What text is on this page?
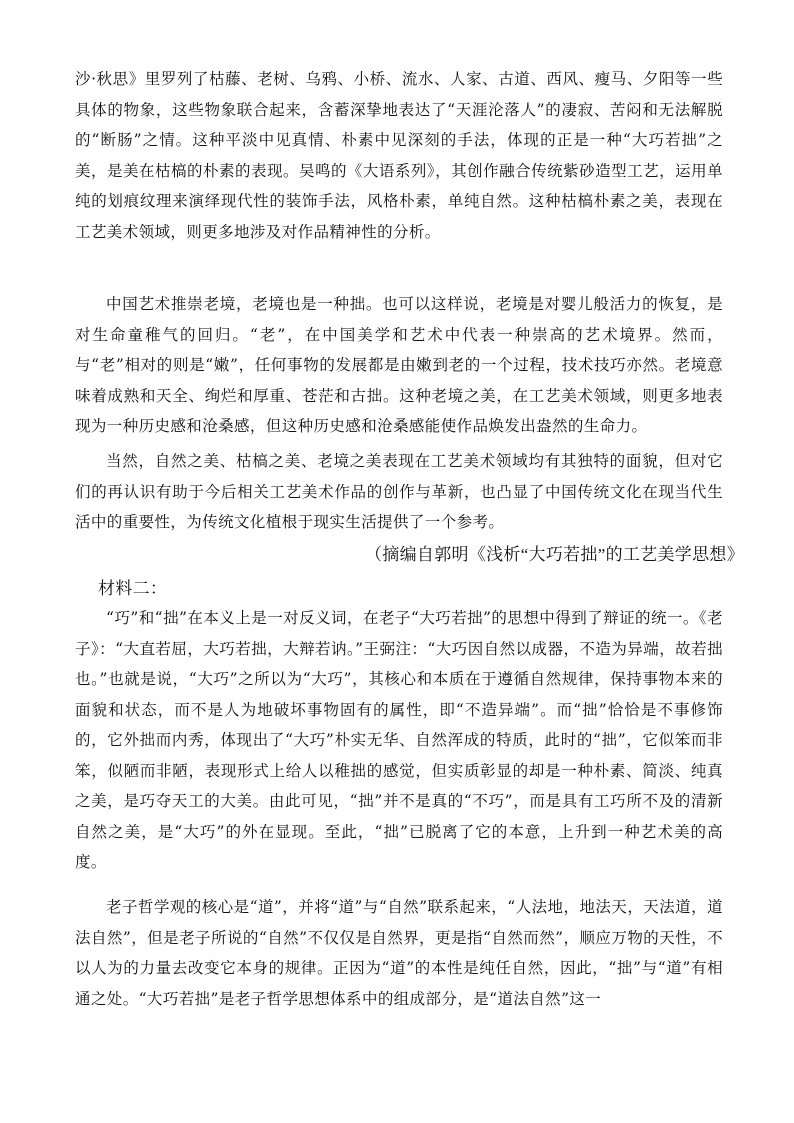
沙·秋思》里罗列了枯藤、老树、乌鸦、小桥、流水、人家、古道、西风、瘦马、夕阳等一些具体的物象，这些物象联合起来，含蓄深挚地表达了“天涯沦落人”的凄寂、苦闷和无法解脱的“断肠”之情。这种平淡中见真情、朴素中见深刻的手法，体现的正是一种“大巧若拙”之美，是美在枯槁的朴素的表现。吴鸣的《大语系列》，其创作融合传统紫砂造型工艺，运用单纯的划痕纹理来演绎现代性的装饰手法，风格朴素，单纯自然。这种枯槁朴素之美，表现在工艺美术领域，则更多地涉及对作品精神性的分析。

中国艺术推崇老境，老境也是一种拙。也可以这样说，老境是对婴儿般活力的恢复，是对生命童稚气的回归。“老”，在中国美学和艺术中代表一种崇高的艺术境界。然而，与“老”相对的则是“嫩”，任何事物的发展都是由嫩到老的一个过程，技术技巧亦然。老境意味着成熟和天全、绚烂和厚重、苍茫和古拙。这种老境之美，在工艺美术领域，则更多地表现为一种历史感和沧桑感，但这种历史感和沧桑感能使作品焕发出盎然的生命力。

当然，自然之美、枯槁之美、老境之美表现在工艺美术领域均有其独特的面貌，但对它们的再认识有助于今后相关工艺美术作品的创作与革新，也凸显了中国传统文化在现当代生活中的重要性，为传统文化植根于现实生活提供了一个参考。

（摘编自郭明《浅析“大巧若拙”的工艺美学思想》
材料二：

“巧”和“拙”在本义上是一对反义词，在老子“大巧若拙”的思想中得到了辩证的统一。《老子》：“大直若屈，大巧若拙，大辩若讷。”王弼注：“大巧因自然以成器，不造为异端，故若拙也。”也就是说，“大巧”之所以为“大巧”，其核心和本质在于遵循自然规律，保持事物本来的面貌和状态，而不是人为地破坏事物固有的属性，即“不造异端”。而“拙”恰恰是不事修饰的，它外拙而内秀，体现出了“大巧”朴实无华、自然浑成的特质，此时的“拙”，它似笨而非笨，似陋而非陋，表现形式上给人以稚拙的感觉，但实质彰显的却是一种朴素、简淡、纯真之美，是巧夺天工的大美。由此可见，“拙”并不是真的“不巧”，而是具有工巧所不及的清新自然之美，是“大巧”的外在显现。至此，“拙”已脱离了它的本意，上升到一种艺术美的高度。

老子哲学观的核心是“道”，并将“道”与“自然”联系起来，“人法地，地法天，天法道，道法自然”，但是老子所说的“自然”不仅仅是自然界，更是指“自然而然”，顺应万物的天性，不以人为的力量去改变它本身的规律。正因为“道”的本性是纯任自然，因此，“拙”与“道”有相通之处。“大巧若拙”是老子哲学思想体系中的组成部分，是“道法自然”这一
